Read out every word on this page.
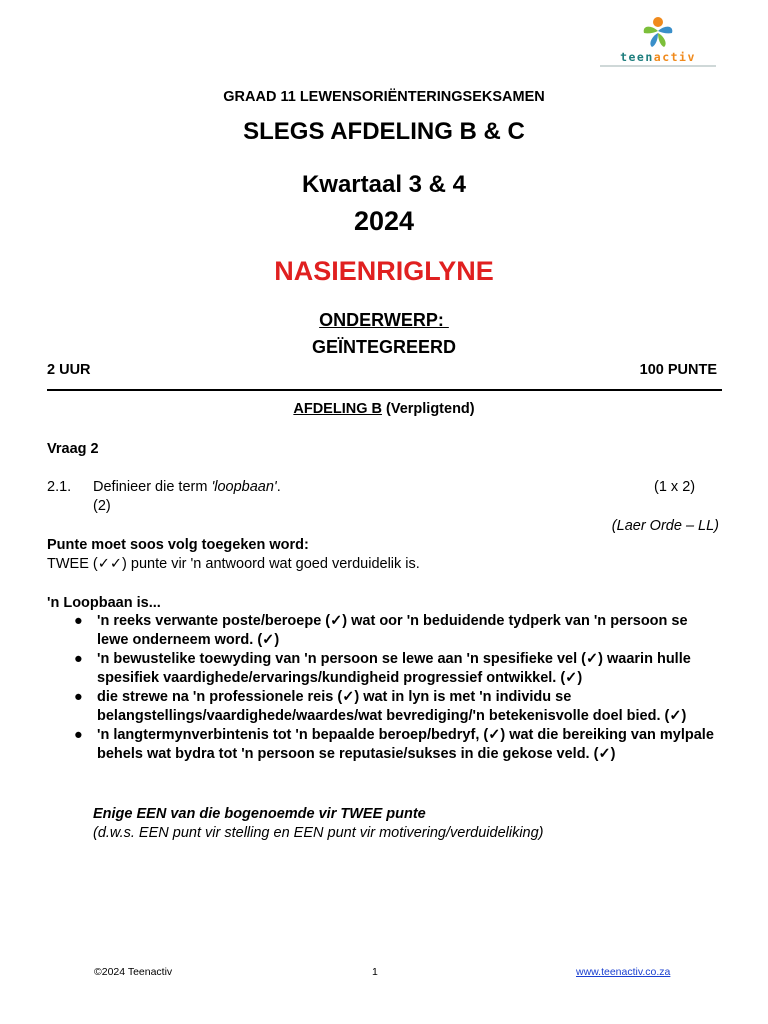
teenactiv
GRAAD 11 LEWENSORIËNTERINGSEKSAMEN
SLEGS AFDELING B & C
Kwartaal 3 & 4
2024
NASIENRIGLYNE
ONDERWERP:
GEÏNTEGREERD
2 UUR	100 PUNTE
AFDELING B (Verpligtend)
Vraag 2
2.1. Definieer die term 'loopbaan'.	(1 x 2)
(2)
(Laer Orde – LL)
Punte moet soos volg toegeken word:
TWEE (✓✓) punte vir 'n antwoord wat goed verduidelik is.
'n Loopbaan is...
● 'n reeks verwante poste/beroepe (✓) wat oor 'n beduidende tydperk van 'n persoon se lewe onderneem word. (✓)
● 'n bewustelike toewyding van 'n persoon se lewe aan 'n spesifieke vel (✓) waarin hulle spesifiek vaardighede/ervarings/kundigheid progressief ontwikkel. (✓)
● die strewe na 'n professionele reis (✓) wat in lyn is met 'n individu se belangstellings/vaardighede/waardes/wat bevrediging/'n betekenisvolle doel bied. (✓)
● 'n langtermynverbintenis tot 'n bepaalde beroep/bedryf, (✓) wat die bereiking van mylpale behels wat bydra tot 'n persoon se reputasie/sukses in die gekose veld. (✓)
Enige EEN van die bogenoemde vir TWEE punte
(d.w.s. EEN punt vir stelling en EEN punt vir motivering/verduideliking)
©2024 Teenactiv	1	www.teenactiv.co.za
